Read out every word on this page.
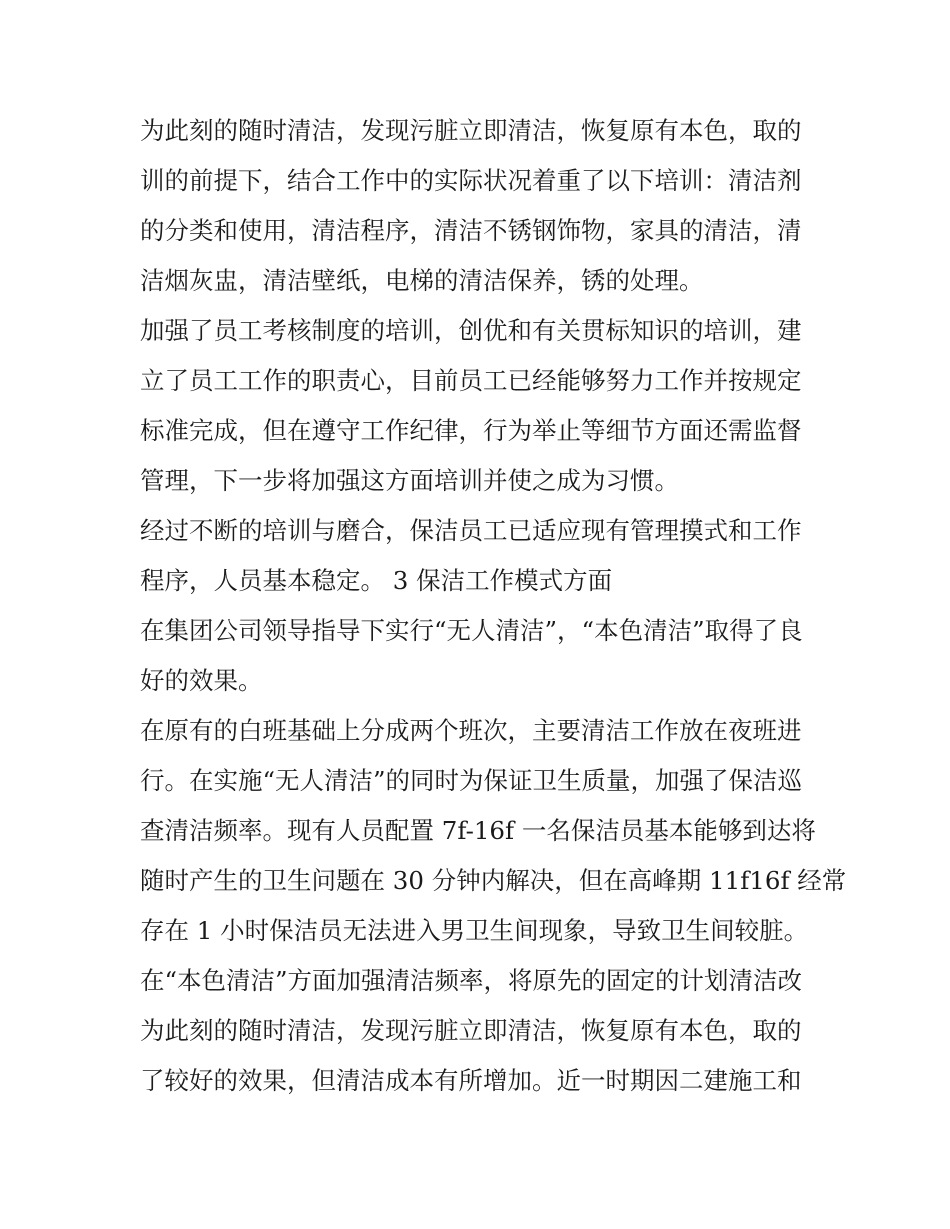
为此刻的随时清洁，发现污脏立即清洁，恢复原有本色，取的
训的前提下，结合工作中的实际状况着重了以下培训：清洁剂
的分类和使用，清洁程序，清洁不锈钢饰物，家具的清洁，清
洁烟灰盅，清洁壁纸，电梯的清洁保养，锈的处理。
加强了员工考核制度的培训，创优和有关贯标知识的培训，建
立了员工工作的职责心，目前员工已经能够努力工作并按规定
标准完成，但在遵守工作纪律，行为举止等细节方面还需监督
管理，下一步将加强这方面培训并使之成为习惯。
经过不断的培训与磨合，保洁员工已适应现有管理摸式和工作
程序，人员基本稳定。 3 保洁工作模式方面
在集团公司领导指导下实行“无人清洁”，“本色清洁”取得了良
好的效果。
在原有的白班基础上分成两个班次，主要清洁工作放在夜班进
行。在实施“无人清洁”的同时为保证卫生质量，加强了保洁巡
查清洁频率。现有人员配置 7f-16f 一名保洁员基本能够到达将
随时产生的卫生问题在 30 分钟内解决，但在高峰期 11f16f 经常
存在 1 小时保洁员无法进入男卫生间现象，导致卫生间较脏。
在“本色清洁”方面加强清洁频率，将原先的固定的计划清洁改
为此刻的随时清洁，发现污脏立即清洁，恢复原有本色，取的
了较好的效果，但清洁成本有所增加。近一时期因二建施工和
